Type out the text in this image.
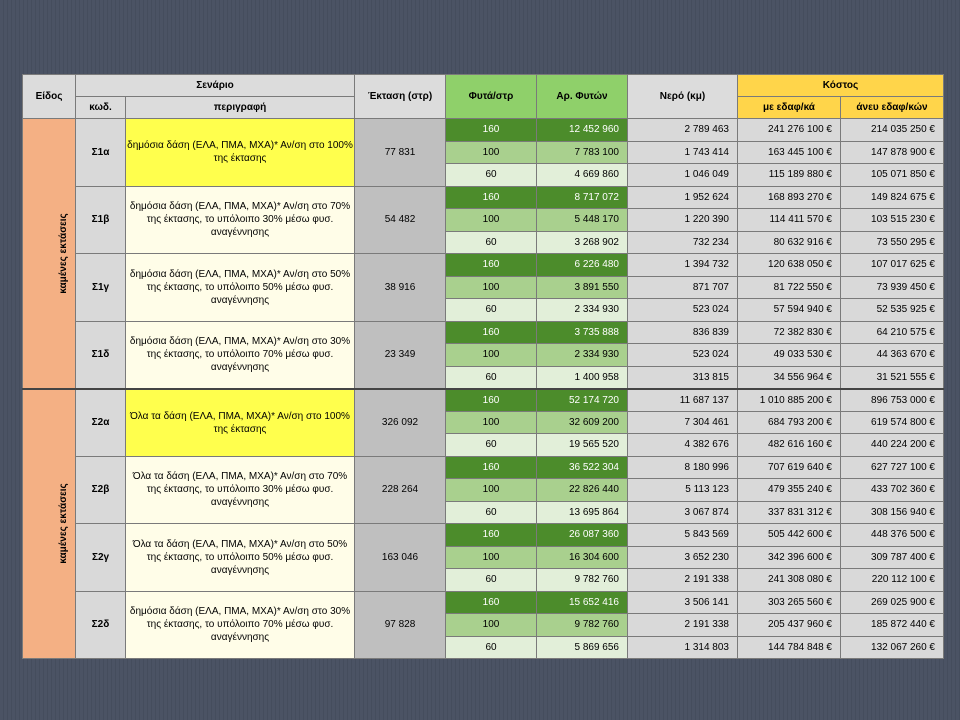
Είδος	Σενάριο		Έκταση (στρ)	Φυτά/στρ	Αρ. Φυτών	Νερό (κμ)	Κόστος	
	κωδ.	περιγραφή					με εδαφ/κά	άνευ εδαφ/κών
καμένες εκτάσεις	Σ1α	δημόσια δάση (ΕΛΑ, ΠΜΑ, ΜΧΑ)* Αν/ση στο 100% της έκτασης	77 831	160	12 452 960	2 789 463	241 276 100 €	214 035 250 €
				100	7 783 100	1 743 414	163 445 100 €	147 878 900 €
				60	4 669 860	1 046 049	115 189 880 €	105 071 850 €
	Σ1β	δημόσια δάση (ΕΛΑ, ΠΜΑ, ΜΧΑ)* Αν/ση στο 70% της έκτασης, το υπόλοιπο 30% μέσω φυσ. αναγέννησης	54 482	160	8 717 072	1 952 624	168 893 270 €	149 824 675 €
				100	5 448 170	1 220 390	114 411 570 €	103 515 230 €
				60	3 268 902	732 234	80 632 916 €	73 550 295 €
	Σ1γ	δημόσια δάση (ΕΛΑ, ΠΜΑ, ΜΧΑ)* Αν/ση στο 50% της έκτασης, το υπόλοιπο 50% μέσω φυσ. αναγέννησης	38 916	160	6 226 480	1 394 732	120 638 050 €	107 017 625 €
				100	3 891 550	871 707	81 722 550 €	73 939 450 €
				60	2 334 930	523 024	57 594 940 €	52 535 925 €
	Σ1δ	δημόσια δάση (ΕΛΑ, ΠΜΑ, ΜΧΑ)* Αν/ση στο 30% της έκτασης, το υπόλοιπο 70% μέσω φυσ. αναγέννησης	23 349	160	3 735 888	836 839	72 382 830 €	64 210 575 €
				100	2 334 930	523 024	49 033 530 €	44 363 670 €
				60	1 400 958	313 815	34 556 964 €	31 521 555 €
καμένες εκτάσεις	Σ2α	Όλα τα δάση (ΕΛΑ, ΠΜΑ, ΜΧΑ)* Αν/ση στο 100% της έκτασης	326 092	160	52 174 720	11 687 137	1 010 885 200 €	896 753 000 €
				100	32 609 200	7 304 461	684 793 200 €	619 574 800 €
				60	19 565 520	4 382 676	482 616 160 €	440 224 200 €
	Σ2β	Όλα τα δάση (ΕΛΑ, ΠΜΑ, ΜΧΑ)* Αν/ση στο 70% της έκτασης, το υπόλοιπο 30% μέσω φυσ. αναγέννησης	228 264	160	36 522 304	8 180 996	707 619 640 €	627 727 100 €
				100	22 826 440	5 113 123	479 355 240 €	433 702 360 €
				60	13 695 864	3 067 874	337 831 312 €	308 156 940 €
	Σ2γ	Όλα τα δάση (ΕΛΑ, ΠΜΑ, ΜΧΑ)* Αν/ση στο 50% της έκτασης, το υπόλοιπο 50% μέσω φυσ. αναγέννησης	163 046	160	26 087 360	5 843 569	505 442 600 €	448 376 500 €
				100	16 304 600	3 652 230	342 396 600 €	309 787 400 €
				60	9 782 760	2 191 338	241 308 080 €	220 112 100 €
	Σ2δ	δημόσια δάση (ΕΛΑ, ΠΜΑ, ΜΧΑ)* Αν/ση στο 30% της έκτασης, το υπόλοιπο 70% μέσω φυσ. αναγέννησης	97 828	160	15 652 416	3 506 141	303 265 560 €	269 025 900 €
				100	9 782 760	2 191 338	205 437 960 €	185 872 440 €
				60	5 869 656	1 314 803	144 784 848 €	132 067 260 €
